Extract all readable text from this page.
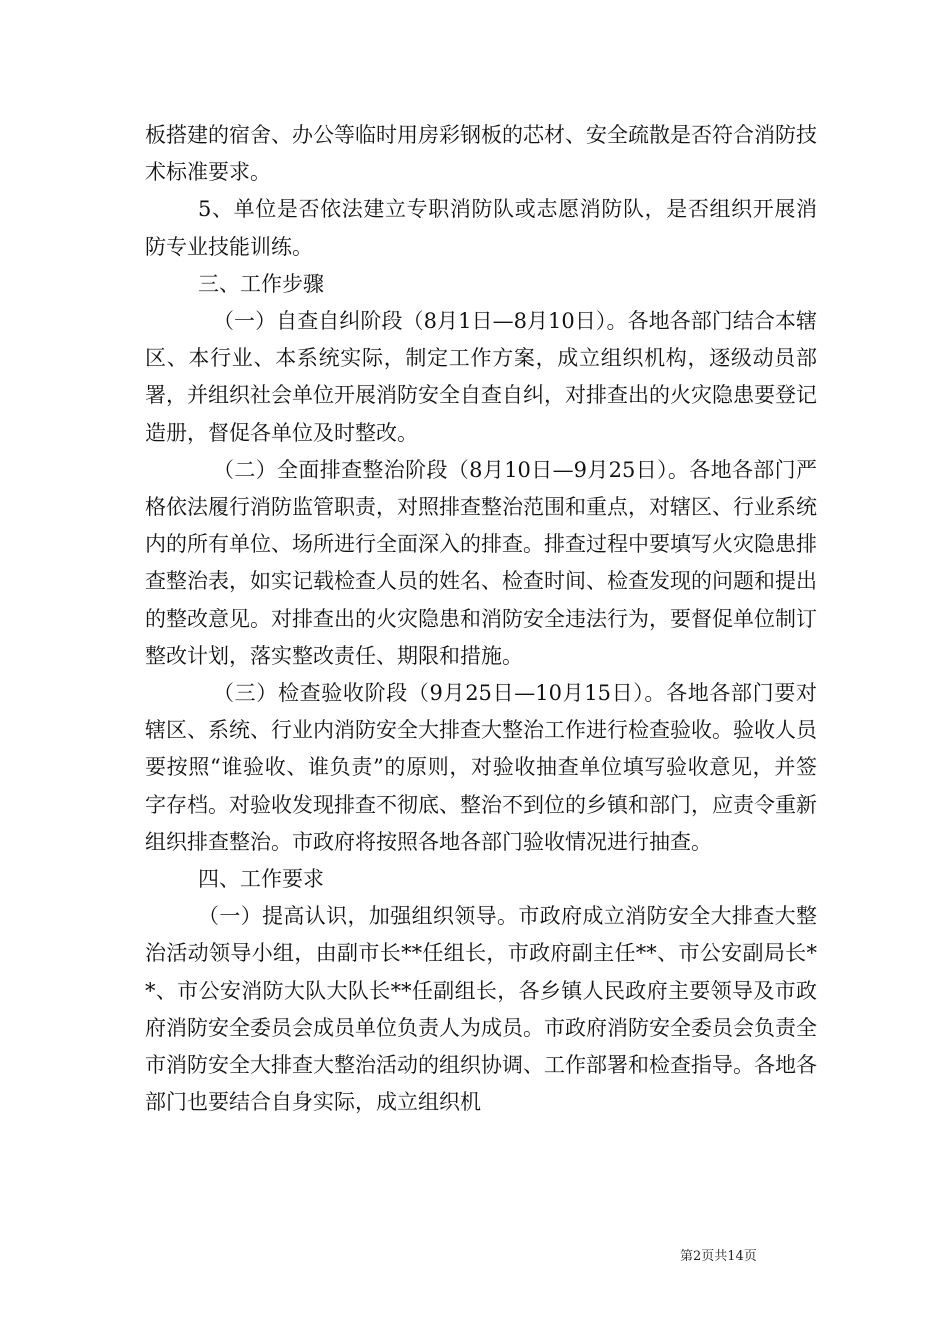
板搭建的宿舍、办公等临时用房彩钢板的芯材、安全疏散是否符合消防技术标准要求。

5、单位是否依法建立专职消防队或志愿消防队，是否组织开展消防专业技能训练。

三、工作步骤

（一）自查自纠阶段（8月1日—8月10日）。各地各部门结合本辖区、本行业、本系统实际，制定工作方案，成立组织机构，逐级动员部署，并组织社会单位开展消防安全自查自纠，对排查出的火灾隐患要登记造册，督促各单位及时整改。

（二）全面排查整治阶段（8月10日—9月25日）。各地各部门严格依法履行消防监管职责，对照排查整治范围和重点，对辖区、行业系统内的所有单位、场所进行全面深入的排查。排查过程中要填写火灾隐患排查整治表，如实记载检查人员的姓名、检查时间、检查发现的问题和提出的整改意见。对排查出的火灾隐患和消防安全违法行为，要督促单位制订整改计划，落实整改责任、期限和措施。

（三）检查验收阶段（9月25日—10月15日）。各地各部门要对辖区、系统、行业内消防安全大排查大整治工作进行检查验收。验收人员要按照“谁验收、谁负责”的原则，对验收抽查单位填写验收意见，并签字存档。对验收发现排查不彻底、整治不到位的乡镇和部门，应责令重新组织排查整治。市政府将按照各地各部门验收情况进行抽查。

四、工作要求

（一）提高认识，加强组织领导。市政府成立消防安全大排查大整治活动领导小组，由副市长**任组长，市政府副主任**、市公安副局长**、市公安消防大队大队长**任副组长，各乡镇人民政府主要领导及市政府消防安全委员会成员单位负责人为成员。市政府消防安全委员会负责全市消防安全大排查大整治活动的组织协调、工作部署和检查指导。各地各部门也要结合自身实际，成立组织机

第2页共14页
